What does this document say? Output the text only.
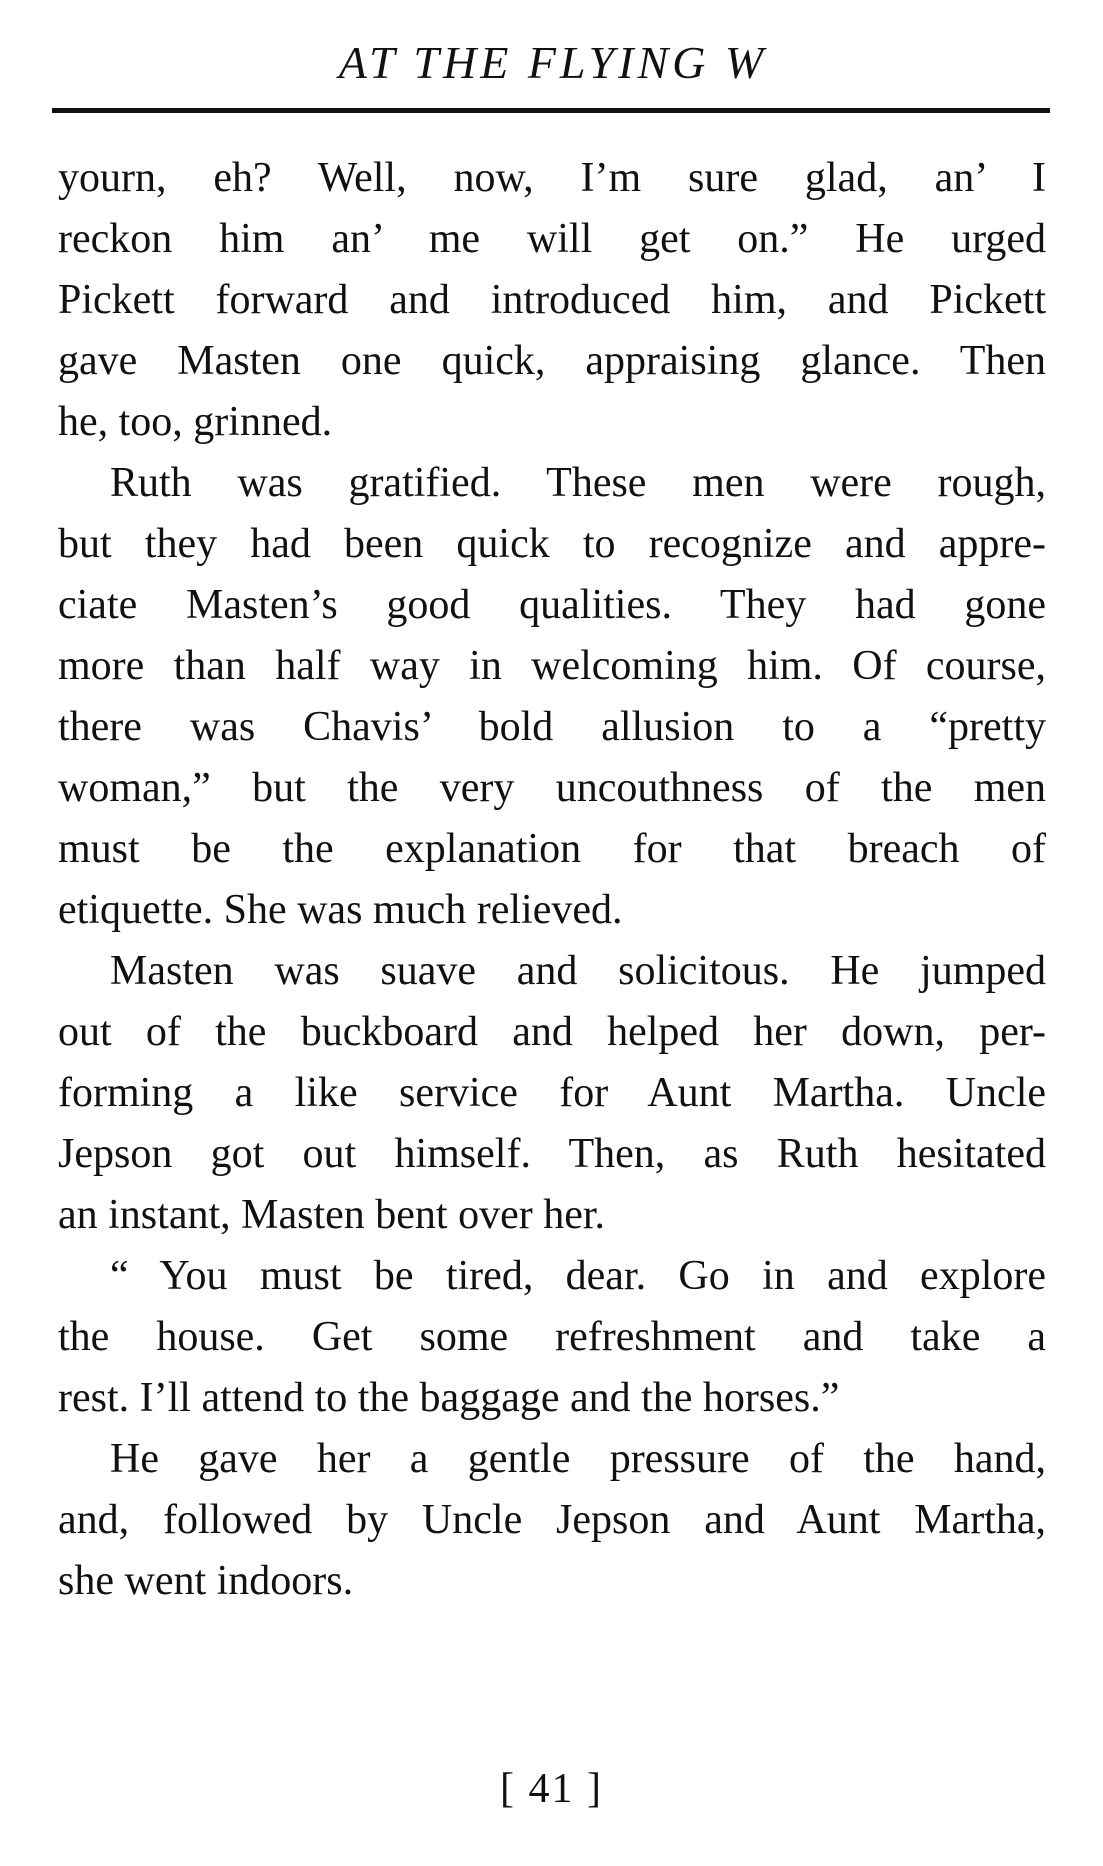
AT THE FLYING W
yourn, eh? Well, now, I’m sure glad, an’ I
reckon him an’ me will get on.” He urged
Pickett forward and introduced him, and Pickett
gave Masten one quick, appraising glance. Then
he, too, grinned.
Ruth was gratified. These men were rough,
but they had been quick to recognize and appre-
ciate Masten’s good qualities. They had gone
more than half way in welcoming him. Of course,
there was Chavis’ bold allusion to a “pretty
woman,” but the very uncouthness of the men
must be the explanation for that breach of
etiquette. She was much relieved.
Masten was suave and solicitous. He jumped
out of the buckboard and helped her down, per-
forming a like service for Aunt Martha. Uncle
Jepson got out himself. Then, as Ruth hesitated
an instant, Masten bent over her.
“ You must be tired, dear. Go in and explore
the house. Get some refreshment and take a
rest. I’ll attend to the baggage and the horses.”
He gave her a gentle pressure of the hand,
and, followed by Uncle Jepson and Aunt Martha,
she went indoors.
[ 41 ]
